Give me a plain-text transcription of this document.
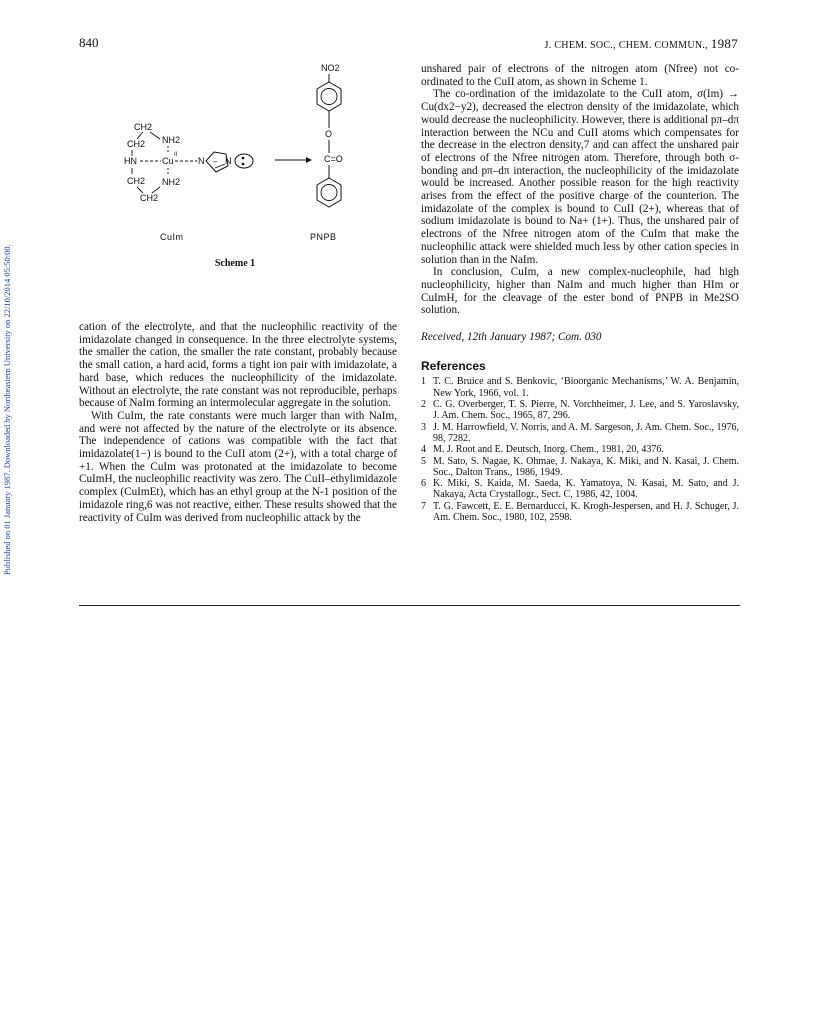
840	J. CHEM. SOC., CHEM. COMMUN., 1987
Published on 01 January 1987. Downloaded by Northeastern University on 22/10/2014 05:50:00.
NO2
O
C=O
CH2
CH2 NH2
II
HN	Cu	N − N
CH2 NH2
CH2
CuIm	PNPB
Scheme 1

cation of the electrolyte, and that the nucleophilic reactivity of the imidazolate changed in consequence. In the three electrolyte systems, the smaller the cation, the smaller the rate constant, probably because the small cation, a hard acid, forms a tight ion pair with imidazolate, a hard base, which reduces the nucleophilicity of the imidazolate. Without an electrolyte, the rate constant was not reproducible, perhaps because of NaIm forming an intermolecular aggregate in the solution.

With CuIm, the rate constants were much larger than with NaIm, and were not affected by the nature of the electrolyte or its absence. The independence of cations was compatible with the fact that imidazolate(1−) is bound to the CuII atom (2+), with a total charge of +1. When the CuIm was protonated at the imidazolate to become CuImH, the nucleophilic reactivity was zero. The CuII–ethylimidazole complex (CuImEt), which has an ethyl group at the N-1 position of the imidazole ring,6 was not reactive, either. These results showed that the reactivity of CuIm was derived from nucleophilic attack by the

unshared pair of electrons of the nitrogen atom (Nfree) not co-ordinated to the CuII atom, as shown in Scheme 1.

The co-ordination of the imidazolate to the CuII atom, σ(Im) → Cu(dx2−y2), decreased the electron density of the imidazolate, which would decrease the nucleophilicity. However, there is additional pπ–dπ interaction between the NCu and CuII atoms which compensates for the decrease in the electron density,7 and can affect the unshared pair of electrons of the Nfree nitrogen atom. Therefore, through both σ-bonding and pπ–dπ interaction, the nucleophilicity of the imidazolate would be increased. Another possible reason for the high reactivity arises from the effect of the positive charge of the counterion. The imidazolate of the complex is bound to CuII (2+), whereas that of sodium imidazolate is bound to Na+ (1+). Thus, the unshared pair of electrons of the Nfree nitrogen atom of the CuIm that make the nucleophilic attack were shielded much less by other cation species in solution than in the NaIm.

In conclusion, CuIm, a new complex-nucleophile, had high nucleophilicity, higher than NaIm and much higher than HIm or CuImH, for the cleavage of the ester bond of PNPB in Me2SO solution.

Received, 12th January 1987; Com. 030

References

1 T. C. Bruice and S. Benkovic, ‘Bioorganic Mechanisms,’ W. A. Benjamin, New York, 1966, vol. 1.
2 C. G. Overberger, T. S. Pierre, N. Vorchheimer, J. Lee, and S. Yaroslavsky, J. Am. Chem. Soc., 1965, 87, 296.
3 J. M. Harrowfield, V. Norris, and A. M. Sargeson, J. Am. Chem. Soc., 1976, 98, 7282.
4 M. J. Root and E. Deutsch, Inorg. Chem., 1981, 20, 4376.
5 M. Sato, S. Nagae, K. Ohmae, J. Nakaya, K. Miki, and N. Kasai, J. Chem. Soc., Dalton Trans., 1986, 1949.
6 K. Miki, S. Kaida, M. Saeda, K. Yamatoya, N. Kasai, M. Sato, and J. Nakaya, Acta Crystallogr., Sect. C, 1986, 42, 1004.
7 T. G. Fawcett, E. E. Bernarducci, K. Krogh-Jespersen, and H. J. Schuger, J. Am. Chem. Soc., 1980, 102, 2598.
